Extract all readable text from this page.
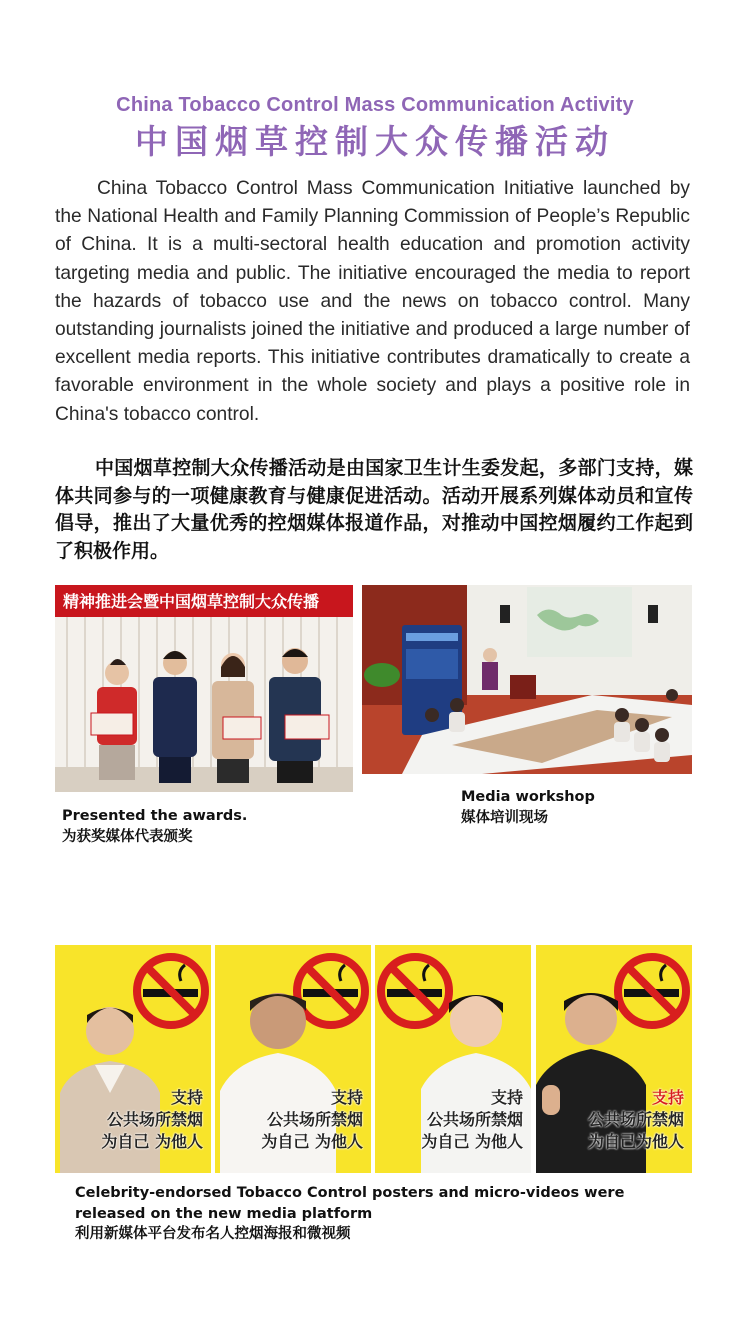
China Tobacco Control Mass Communication Activity
中国烟草控制大众传播活动

China Tobacco Control Mass Communication Initiative launched by the National Health and Family Planning Commission of People’s Republic of China. It is a multi-sectoral health education and promotion activity targeting media and public. The initiative encouraged the media to report the hazards of tobacco use and the news on tobacco control. Many outstanding journalists joined the initiative and produced a large number of excellent media reports. This initiative contributes dramatically to create a favorable environment in the whole society and plays a positive role in China's tobacco control.

中国烟草控制大众传播活动是由国家卫生计生委发起，多部门支持，媒体共同参与的一项健康教育与健康促进活动。活动开展系列媒体动员和宣传倡导，推出了大量优秀的控烟媒体报道作品，对推动中国控烟履约工作起到了积极作用。

精神推进会暨中国烟草控制大众传播
Presented the awards.
为获奖媒体代表颁奖
Media workshop
媒体培训现场
支持
公共场所禁烟
为自己 为他人
支持
公共场所禁烟
为自己 为他人
支持
公共场所禁烟
为自己 为他人
支持
公共场所禁烟
为自己为他人
Celebrity-endorsed Tobacco Control posters and micro-videos were released on the new media platform
利用新媒体平台发布名人控烟海报和微视频
